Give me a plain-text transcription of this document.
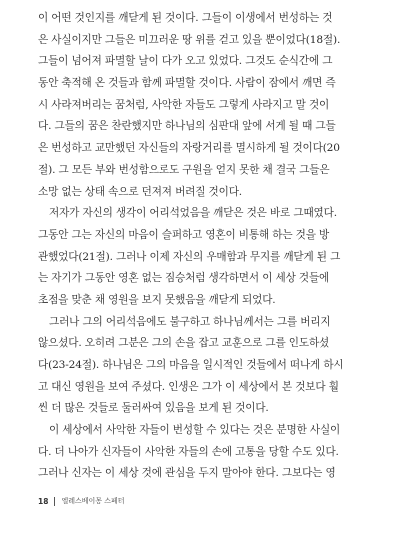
이 어떤 것인지를 깨닫게 된 것이다. 그들이 이생에서 번성하는 것
은 사실이지만 그들은 미끄러운 땅 위를 걷고 있을 뿐이었다(18절).
그들이 넘어져 파멸할 날이 다가 오고 있었다. 그것도 순식간에 그
동안 축적해 온 것들과 함께 파멸할 것이다. 사람이 잠에서 깨면 즉
시 사라져버리는 꿈처럼, 사악한 자들도 그렇게 사라지고 말 것이
다. 그들의 꿈은 찬란했지만 하나님의 심판대 앞에 서게 될 때 그들
은 번성하고 교만했던 자신들의 자랑거리를 멸시하게 될 것이다(20
절). 그 모든 부와 번성함으로도 구원을 얻지 못한 채 결국 그들은
소망 없는 상태 속으로 던져져 버려질 것이다.
저자가 자신의 생각이 어리석었음을 깨닫은 것은 바로 그때였다.
그동안 그는 자신의 마음이 슬퍼하고 영혼이 비통해 하는 것을 방
관했었다(21절). 그러나 이제 자신의 우매함과 무지를 깨닫게 된 그
는 자기가 그동안 영혼 없는 짐승처럼 생각하면서 이 세상 것들에
초점을 맞춘 채 영원을 보지 못했음을 깨닫게 되었다.
그러나 그의 어리석음에도 불구하고 하나님께서는 그를 버리지
않으셨다. 오히려 그분은 그의 손을 잡고 교훈으로 그를 인도하셨
다(23-24절). 하나님은 그의 마음을 일시적인 것들에서 떠나게 하시
고 대신 영원을 보여 주셨다. 인생은 그가 이 세상에서 본 것보다 훨
씬 더 많은 것들로 둘러싸여 있음을 보게 된 것이다.
이 세상에서 사악한 자들이 번성할 수 있다는 것은 분명한 사실이
다. 더 나아가 신자들이 사악한 자들의 손에 고통을 당할 수도 있다.
그러나 신자는 이 세상 것에 관심을 두지 말아야 한다. 그보다는 영
18 엘레스베이몽 스페터
